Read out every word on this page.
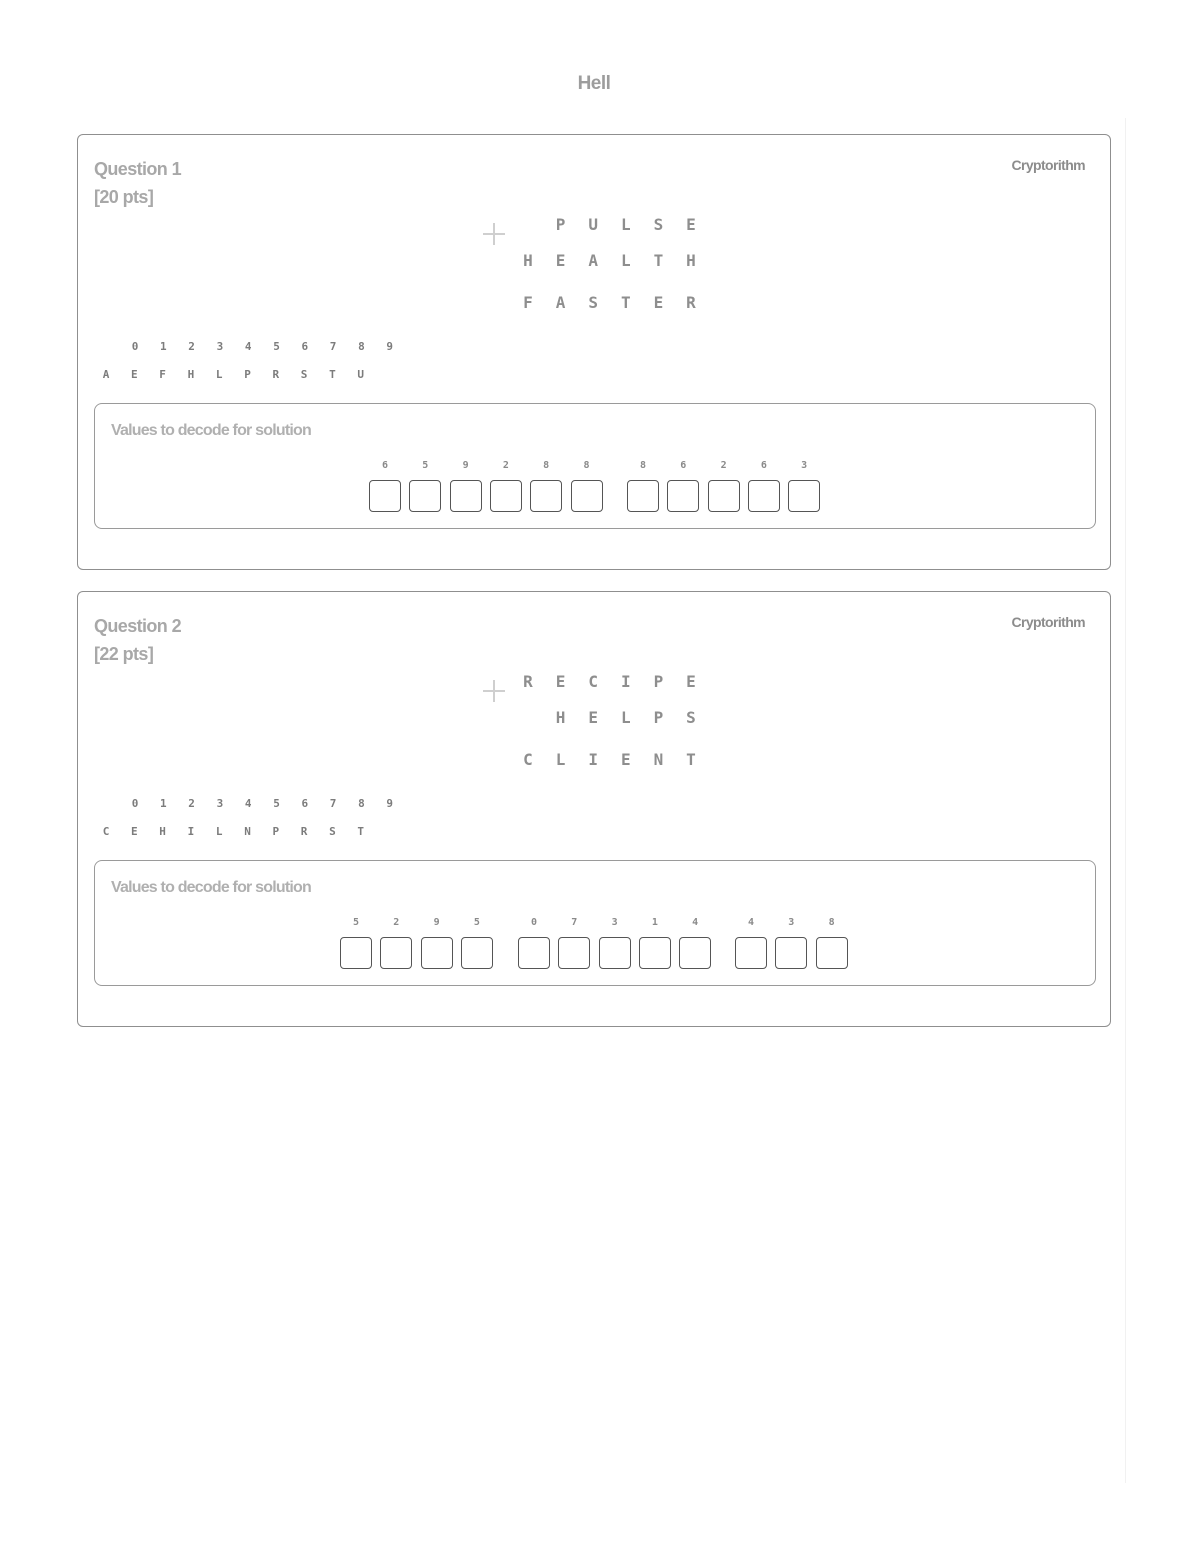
Hell
Question 1
[20 pts]
Cryptorithm
P	U	L	S	E
H	E	A	L	T	H
F	A	S	T	E	R
0	1	2	3	4	5	6	7	8	9
A	E	F	H	L	P	R	S	T	U
Values to decode for solution
6	5	9	2	8	8	8	6	2	6	3
Question 2
[22 pts]
Cryptorithm
R	E	C	I	P	E
H	E	L	P	S
C	L	I	E	N	T
0	1	2	3	4	5	6	7	8	9
C	E	H	I	L	N	P	R	S	T
Values to decode for solution
5	2	9	5	0	7	3	1	4	4	3	8
